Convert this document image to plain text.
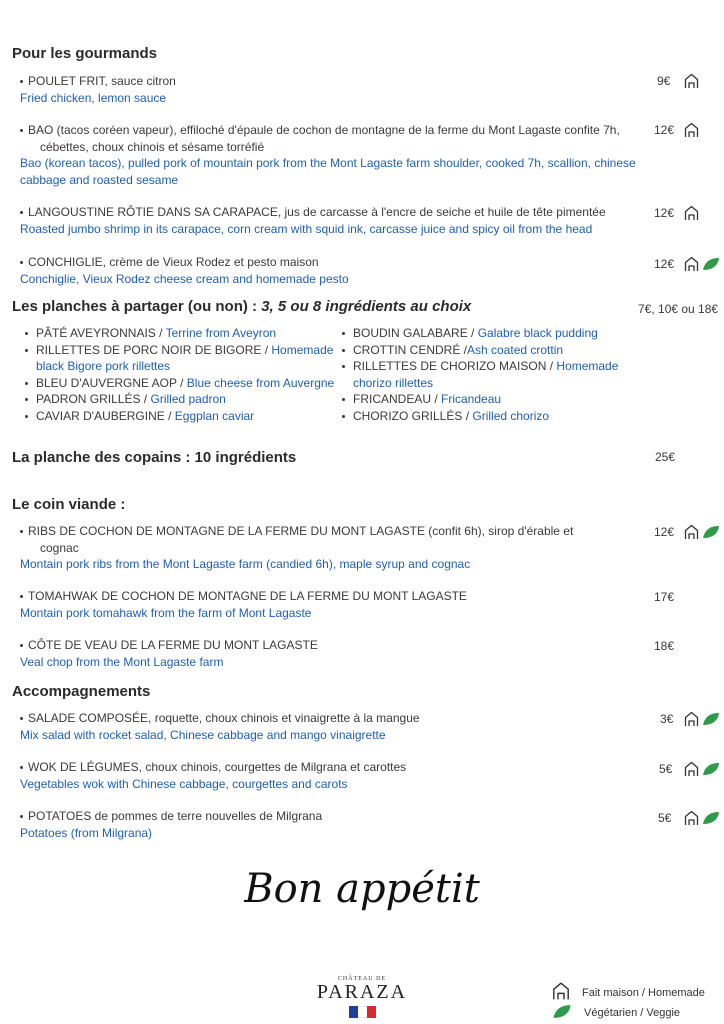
Pour les gourmands
POULET FRIT, sauce citron
Fried chicken, lemon sauce
9€
BAO (tacos coréen vapeur), effiloché d'épaule de cochon de montagne de la ferme du Mont Lagaste confite 7h,
cébettes, choux chinois et sésame torréfié
Bao (korean tacos), pulled pork of mountain pork from the Mont Lagaste farm shoulder, cooked 7h, scallion, chinese
cabbage and roasted sesame
12€
LANGOUSTINE RÔTIE DANS SA CARAPACE, jus de carcasse à l'encre de seiche et huile de tête pimentée
Roasted jumbo shrimp in its carapace, corn cream with squid ink, carcasse juice and spicy oil from the head
12€
CONCHIGLIE, crème de Vieux Rodez et pesto maison
Conchiglie, Vieux Rodez cheese cream and homemade pesto
12€
Les planches à partager (ou non) : 3, 5 ou 8 ingrédients au choix	7€, 10€ ou 18€
PÂTÉ AVEYRONNAIS / Terrine from Aveyron
RILLETTES DE PORC NOIR DE BIGORE / Homemade black Bigore pork rillettes
BLEU D'AUVERGNE AOP / Blue cheese from Auvergne
PADRON GRILLÉS / Grilled padron
CAVIAR D'AUBERGINE / Eggplan caviar
BOUDIN GALABARE / Galabre black pudding
CROTTIN CENDRÉ /Ash coated crottin
RILLETTES DE CHORIZO MAISON / Homemade chorizo rillettes
FRICANDEAU / Fricandeau
CHORIZO GRILLÉS / Grilled chorizo
La planche des copains : 10 ingrédients	25€
Le coin viande :
RIBS DE COCHON DE MONTAGNE DE LA FERME DU MONT LAGASTE (confit 6h), sirop d'érable et
cognac
Montain pork ribs from the Mont Lagaste farm (candied 6h), maple syrup and cognac
12€
TOMAHWAK DE COCHON DE MONTAGNE DE LA FERME DU MONT LAGASTE
Montain pork tomahawk from the farm of Mont Lagaste
17€
CÔTE DE VEAU DE LA FERME DU MONT LAGASTE
Veal chop from the Mont Lagaste farm
18€
Accompagnements
SALADE COMPOSÉE, roquette, choux chinois et vinaigrette à la mangue
Mix salad with rocket salad, Chinese cabbage and mango vinaigrette
3€
WOK DE LÉGUMES, choux chinois, courgettes de Milgrana et carottes
Vegetables wok with Chinese cabbage, courgettes and carots
5€
POTATOES de pommes de terre nouvelles de Milgrana
Potatoes (from Milgrana)
5€
Bon appétit
CHÂTEAU DE
PARAZA	Fait maison / Homemade
Végétarien / Veggie
